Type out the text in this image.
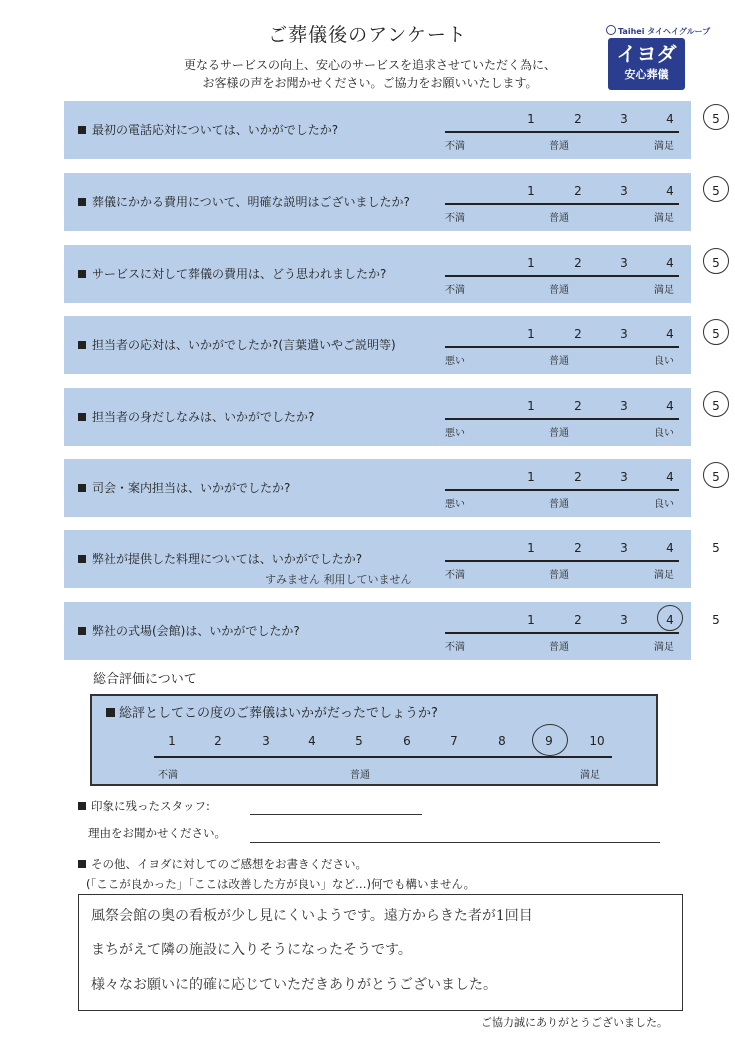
ご葬儀後のアンケート
更なるサービスの向上、安心のサービスを追求させていただく為に、
お客様の声をお聞かせください。ご協力をお願いいたします。
Taihei タイヘイグループ
イヨダ
安心葬儀
最初の電話応対については、いかがでしたか?
1	2	3	4	5
不満	普通	満足
葬儀にかかる費用について、明確な説明はございましたか?
1	2	3	4	5
不満	普通	満足
サービスに対して葬儀の費用は、どう思われましたか?
1	2	3	4	5
不満	普通	満足
担当者の応対は、いかがでしたか?(言葉遣いやご説明等)
1	2	3	4	5
悪い	普通	良い
担当者の身だしなみは、いかがでしたか?
1	2	3	4	5
悪い	普通	良い
司会・案内担当は、いかがでしたか?
1	2	3	4	5
悪い	普通	良い
弊社が提供した料理については、いかがでしたか?
1	2	3	4	5
不満	普通	満足
すみません 利用していません
弊社の式場(会館)は、いかがでしたか?
1	2	3	4	5
不満	普通	満足
総合評価について
総評としてこの度のご葬儀はいかがだったでしょうか?
不満	普通	満足
1	2	3	4	5	6	7	8	9	10
印象に残ったスタッフ:
理由をお聞かせください。
その他、イヨダに対してのご感想をお書きください。
(「ここが良かった」「ここは改善した方が良い」など…)何でも構いません。
風祭会館の奥の看板が少し見にくいようです。遠方からきた者が1回目
まちがえて隣の施設に入りそうになったそうです。
様々なお願いに的確に応じていただきありがとうございました。
ご協力誠にありがとうございました。
